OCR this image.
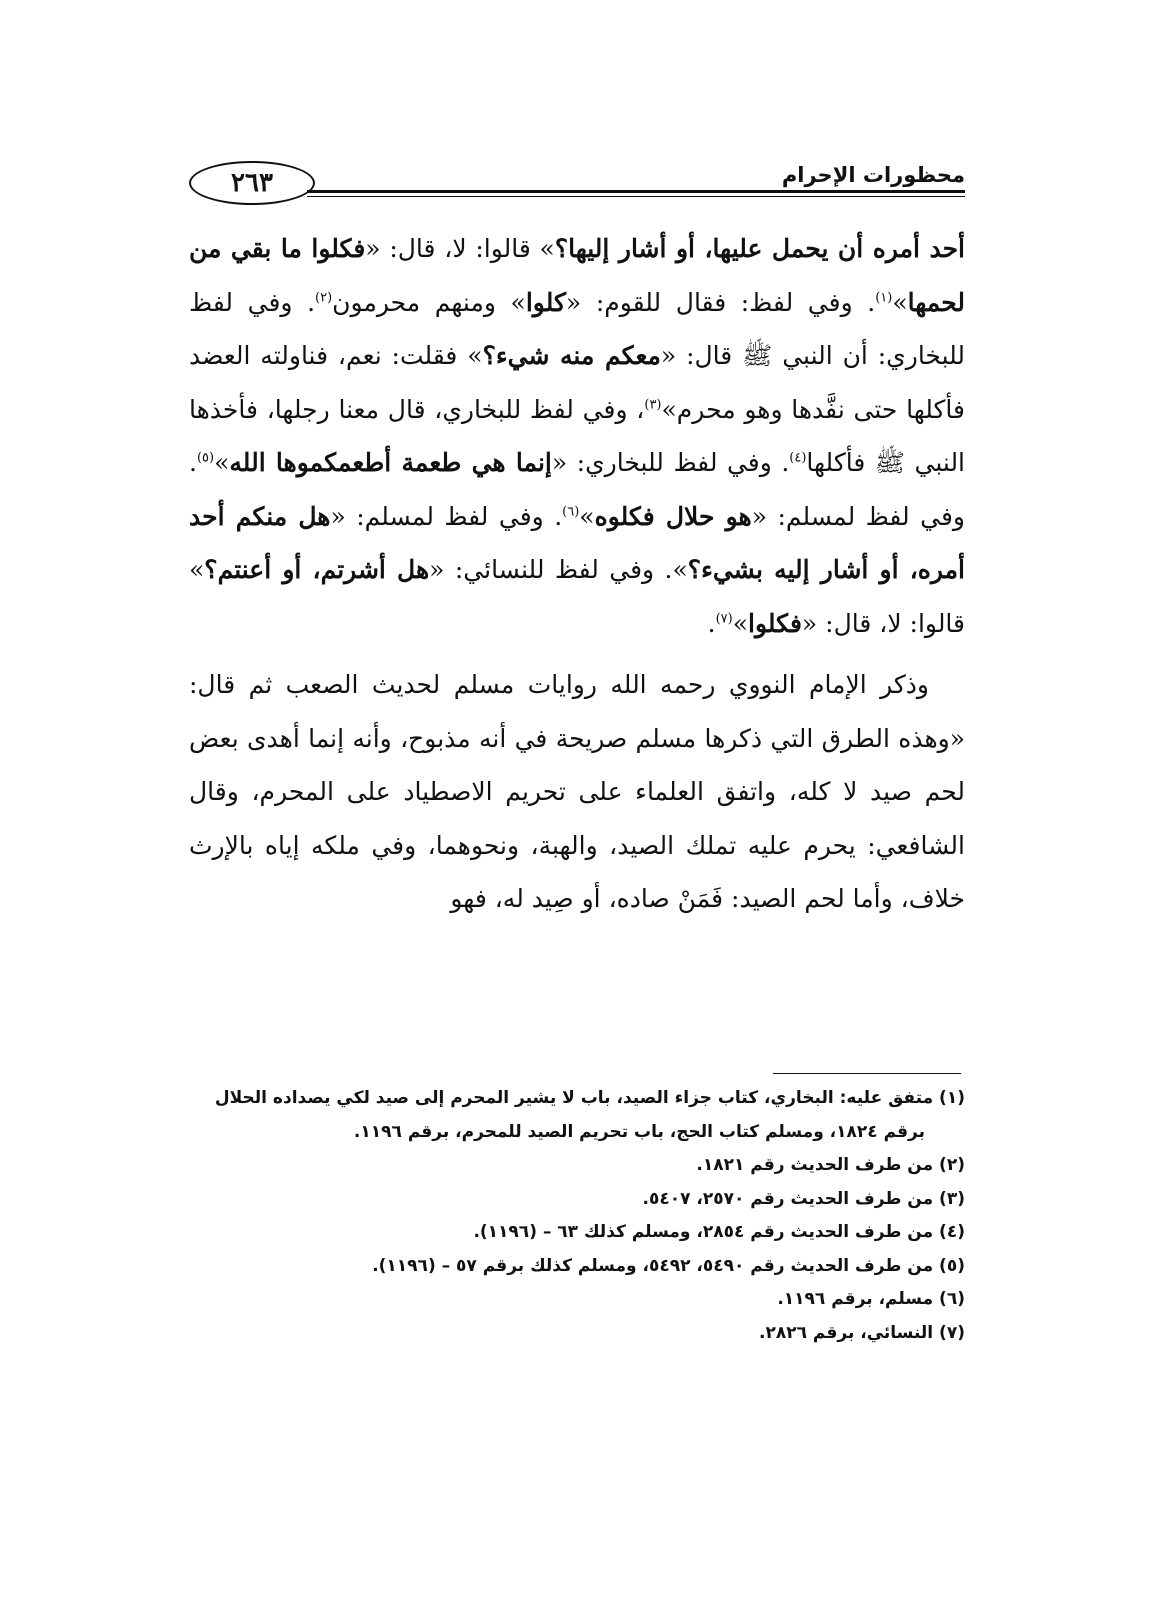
محظورات الإحرام
٢٦٣

أحد أمره أن يحمل عليها، أو أشار إليها؟» قالوا: لا، قال: «فكلوا ما بقي من لحمها»$^{(١)}$. وفي لفظ: فقال للقوم: «كلوا» ومنهم محرمون$^{(٢)}$. وفي لفظ للبخاري: أن النبي ﷺ قال: «معكم منه شيء؟» فقلت: نعم، فناولته العضد فأكلها حتى نفَّدها وهو محرم»$^{(٣)}$، وفي لفظ للبخاري، قال معنا رجلها، فأخذها النبي ﷺ فأكلها$^{(٤)}$. وفي لفظ للبخاري: «إنما هي طعمة أطعمكموها الله»$^{(٥)}$. وفي لفظ لمسلم: «هو حلال فكلوه»$^{(٦)}$. وفي لفظ لمسلم: «هل منكم أحد أمره، أو أشار إليه بشيء؟». وفي لفظ للنسائي: «هل أشرتم، أو أعنتم؟» قالوا: لا، قال: «فكلوا»$^{(٧)}$.

وذكر الإمام النووي رحمه الله روايات مسلم لحديث الصعب ثم قال: «وهذه الطرق التي ذكرها مسلم صريحة في أنه مذبوح، وأنه إنما أهدى بعض لحم صيد لا كله، واتفق العلماء على تحريم الاصطياد على المحرم، وقال الشافعي: يحرم عليه تملك الصيد، والهبة، ونحوهما، وفي ملكه إياه بالإرث خلاف، وأما لحم الصيد: فَمَنْ صاده، أو صِيد له، فهو

(١) متفق عليه: البخاري، كتاب جزاء الصيد، باب لا يشير المحرم إلى صيد لكي يصداده الحلال
برقم ١٨٢٤، ومسلم كتاب الحج، باب تحريم الصيد للمحرم، برقم ١١٩٦.
(٢) من طرف الحديث رقم ١٨٢١.
(٣) من طرف الحديث رقم ٢٥٧٠، ٥٤٠٧.
(٤) من طرف الحديث رقم ٢٨٥٤، ومسلم كذلك ٦٣ – (١١٩٦).
(٥) من طرف الحديث رقم ٥٤٩٠، ٥٤٩٢، ومسلم كذلك برقم ٥٧ – (١١٩٦).
(٦) مسلم، برقم ١١٩٦.
(٧) النسائي، برقم ٢٨٢٦.
